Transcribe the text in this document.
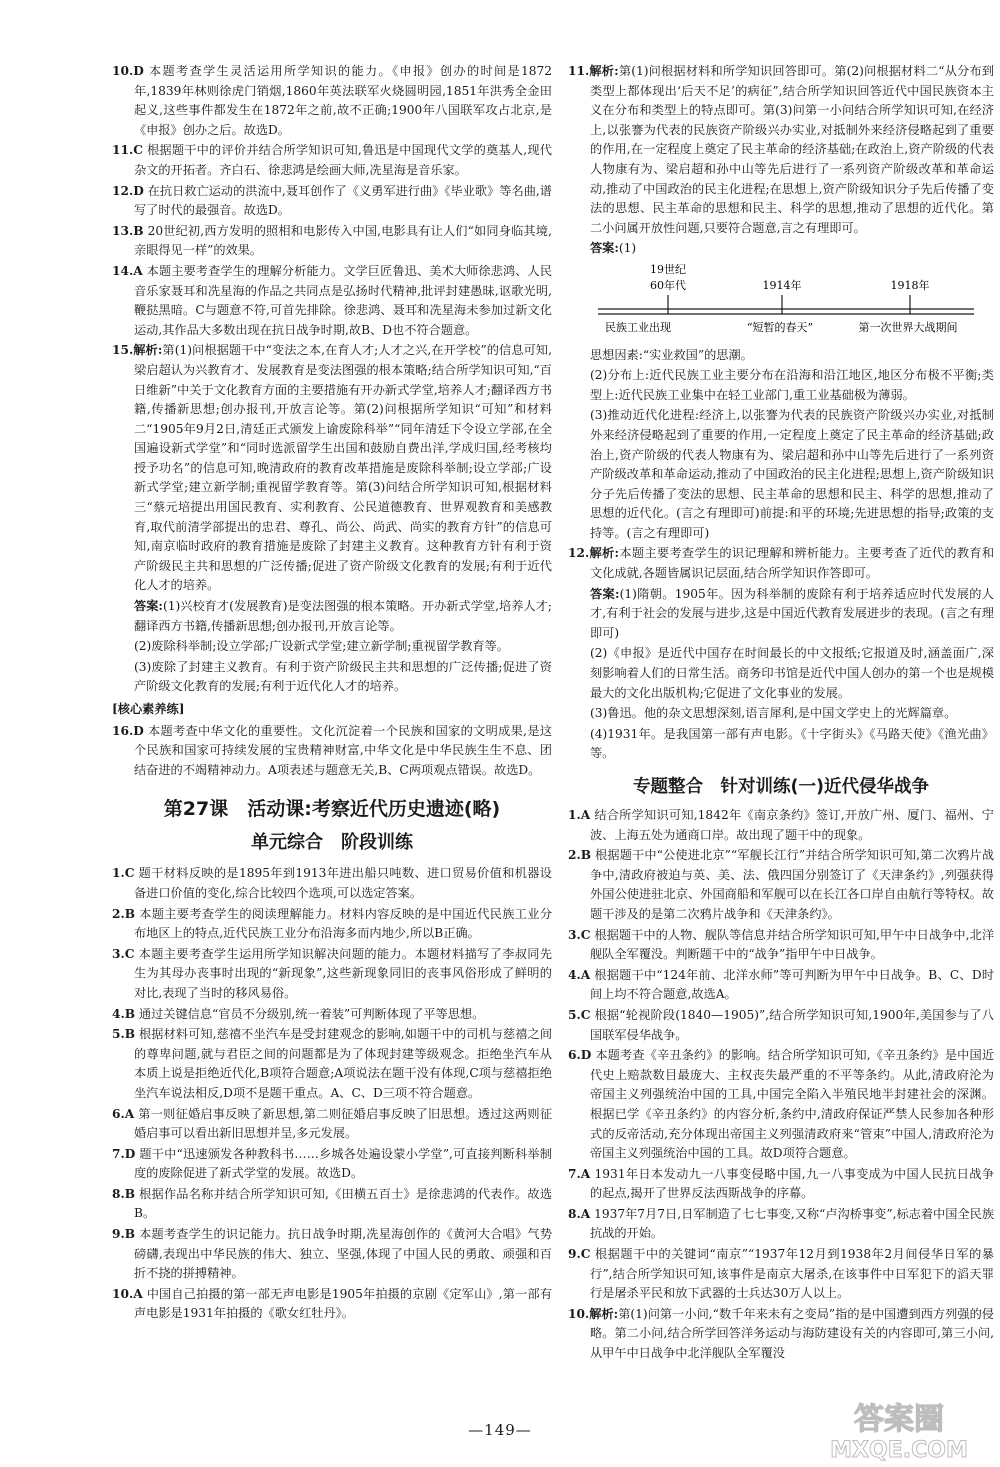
10.D 本题考查学生灵活运用所学知识的能力。《申报》创办的时间是1872年,1839年林则徐虎门销烟,1860年英法联军火烧圆明园,1851年洪秀全金田起义,这些事件都发生在1872年之前,故不正确;1900年八国联军攻占北京,是《申报》创办之后。故选D。

11.C 根据题干中的评价并结合所学知识可知,鲁迅是中国现代文学的奠基人,现代杂文的开拓者。齐白石、徐悲鸿是绘画大师,冼星海是音乐家。

12.D 在抗日救亡运动的洪流中,聂耳创作了《义勇军进行曲》《毕业歌》等名曲,谱写了时代的最强音。故选D。

13.B 20世纪初,西方发明的照相和电影传入中国,电影具有让人们“如同身临其境,亲眼得见一样”的效果。

14.A 本题主要考查学生的理解分析能力。文学巨匠鲁迅、美术大师徐悲鸿、人民音乐家聂耳和冼星海的作品之共同点是弘扬时代精神,批评封建愚昧,讴歌光明,鞭挞黑暗。C与题意不符,可首先排除。徐悲鸿、聂耳和冼星海未参加过新文化运动,其作品大多数出现在抗日战争时期,故B、D也不符合题意。

15.解析:第(1)问根据题干中“变法之本,在育人才;人才之兴,在开学校”的信息可知,梁启超认为兴教育才、发展教育是变法图强的根本策略;结合所学知识可知,“百日维新”中关于文化教育方面的主要措施有开办新式学堂,培养人才;翻译西方书籍,传播新思想;创办报刊,开放言论等。第(2)问根据所学知识“可知”和材料二“1905年9月2日,清廷正式颁发上谕废除科举”“同年清廷下令设立学部,在全国遍设新式学堂”和“同时选派留学生出国和鼓励自费出洋,学成归国,经考核均授予功名”的信息可知,晚清政府的教育改革措施是废除科举制;设立学部;广设新式学堂;建立新学制;重视留学教育等。第(3)问结合所学知识可知,根据材料三“蔡元培提出用国民教育、实利教育、公民道德教育、世界观教育和美感教育,取代前清学部提出的忠君、尊孔、尚公、尚武、尚实的教育方针”的信息可知,南京临时政府的教育措施是废除了封建主义教育。这种教育方针有利于资产阶级民主共和思想的广泛传播;促进了资产阶级文化教育的发展;有利于近代化人才的培养。

答案:(1)兴校育才(发展教育)是变法图强的根本策略。开办新式学堂,培养人才;翻译西方书籍,传播新思想;创办报刊,开放言论等。

(2)废除科举制;设立学部;广设新式学堂;建立新学制;重视留学教育等。

(3)废除了封建主义教育。有利于资产阶级民主共和思想的广泛传播;促进了资产阶级文化教育的发展;有利于近代化人才的培养。

[核心素养练]

16.D 本题考查中华文化的重要性。文化沉淀着一个民族和国家的文明成果,是这个民族和国家可持续发展的宝贵精神财富,中华文化是中华民族生生不息、团结奋进的不竭精神动力。A项表述与题意无关,B、C两项观点错误。故选D。

第27课　活动课:考察近代历史遗迹(略)
单元综合　阶段训练

1.C 题干材料反映的是1895年到1913年进出船只吨数、进口贸易价值和机器设备进口价值的变化,综合比较四个选项,可以选定答案。

2.B 本题主要考查学生的阅读理解能力。材料内容反映的是中国近代民族工业分布地区上的特点,近代民族工业分布沿海多而内地少,所以B正确。

3.C 本题主要考查学生运用所学知识解决问题的能力。本题材料描写了李叔同先生为其母办丧事时出现的“新现象”,这些新现象同旧的丧事风俗形成了鲜明的对比,表现了当时的移风易俗。

4.B 通过关键信息“官员不分级别,统一着装”可判断体现了平等思想。

5.B 根据材料可知,慈禧不坐汽车是受封建观念的影响,如题干中的司机与慈禧之间的尊卑问题,就与君臣之间的问题都是为了体现封建等级观念。拒绝坐汽车从本质上说是拒绝近代化,B项符合题意;A项说法在题干没有体现,C项与慈禧拒绝坐汽车说法相反,D项不是题干重点。A、C、D三项不符合题意。

6.A 第一则征婚启事反映了新思想,第二则征婚启事反映了旧思想。透过这两则征婚启事可以看出新旧思想并呈,多元发展。

7.D 题干中“迅速颁发各种教科书……乡城各处遍设蒙小学堂”,可直接判断科举制度的废除促进了新式学堂的发展。故选D。

8.B 根据作品名称并结合所学知识可知,《田横五百士》是徐悲鸿的代表作。故选B。

9.B 本题考查学生的识记能力。抗日战争时期,冼星海创作的《黄河大合唱》气势磅礴,表现出中华民族的伟大、独立、坚强,体现了中国人民的勇敢、顽强和百折不挠的拼搏精神。

10.A 中国自己拍摄的第一部无声电影是1905年拍摄的京剧《定军山》,第一部有声电影是1931年拍摄的《歌女红牡丹》。

11.解析:第(1)问根据材料和所学知识回答即可。第(2)问根据材料二“从分布到类型上都体现出‘后天不足’的病征”,结合所学知识回答近代中国民族资本主义在分布和类型上的特点即可。第(3)问第一小问结合所学知识可知,在经济上,以张謇为代表的民族资产阶级兴办实业,对抵制外来经济侵略起到了重要的作用,在一定程度上奠定了民主革命的经济基础;在政治上,资产阶级的代表人物康有为、梁启超和孙中山等先后进行了一系列资产阶级改革和革命运动,推动了中国政治的民主化进程;在思想上,资产阶级知识分子先后传播了变法的思想、民主革命的思想和民主、科学的思想,推动了思想的近代化。第二小问属开放性问题,只要符合题意,言之有理即可。

答案:(1)

19世纪
60年代	1914年	1918年
民族工业出现	“短暂的春天”	第一次世界大战期间

思想因素:“实业救国”的思潮。

(2)分布上:近代民族工业主要分布在沿海和沿江地区,地区分布极不平衡;类型上:近代民族工业集中在轻工业部门,重工业基础极为薄弱。

(3)推动近代化进程:经济上,以张謇为代表的民族资产阶级兴办实业,对抵制外来经济侵略起到了重要的作用,一定程度上奠定了民主革命的经济基础;政治上,资产阶级的代表人物康有为、梁启超和孙中山等先后进行了一系列资产阶级改革和革命运动,推动了中国政治的民主化进程;思想上,资产阶级知识分子先后传播了变法的思想、民主革命的思想和民主、科学的思想,推动了思想的近代化。(言之有理即可)前提:和平的环境;先进思想的指导;政策的支持等。(言之有理即可)

12.解析:本题主要考查学生的识记理解和辨析能力。主要考查了近代的教育和文化成就,各题皆属识记层面,结合所学知识作答即可。

答案:(1)隋朝。1905年。因为科举制的废除有利于培养适应时代发展的人才,有利于社会的发展与进步,这是中国近代教育发展进步的表现。(言之有理即可)

(2)《申报》是近代中国存在时间最长的中文报纸;它报道及时,涵盖面广,深刻影响着人们的日常生活。商务印书馆是近代中国人创办的第一个也是规模最大的文化出版机构;它促进了文化事业的发展。

(3)鲁迅。他的杂文思想深刻,语言犀利,是中国文学史上的光辉篇章。

(4)1931年。是我国第一部有声电影。《十字街头》《马路天使》《渔光曲》等。

专题整合　针对训练(一)近代侵华战争

1.A 结合所学知识可知,1842年《南京条约》签订,开放广州、厦门、福州、宁波、上海五处为通商口岸。故出现了题干中的现象。

2.B 根据题干中“公使进北京”“军舰长江行”并结合所学知识可知,第二次鸦片战争中,清政府被迫与英、美、法、俄四国分别签订了《天津条约》,列强获得外国公使进驻北京、外国商船和军舰可以在长江各口岸自由航行等特权。故题干涉及的是第二次鸦片战争和《天津条约》。

3.C 根据题干中的人物、舰队等信息并结合所学知识可知,甲午中日战争中,北洋舰队全军覆没。判断题干中的“战争”指甲午中日战争。

4.A 根据题干中“124年前、北洋水师”等可判断为甲午中日战争。B、C、D时间上均不符合题意,故选A。

5.C 根据“轮视阶段(1840—1905)”,结合所学知识可知,1900年,美国参与了八国联军侵华战争。

6.D 本题考查《辛丑条约》的影响。结合所学知识可知,《辛丑条约》是中国近代史上赔款数目最庞大、主权丧失最严重的不平等条约。从此,清政府沦为帝国主义列强统治中国的工具,中国完全陷入半殖民地半封建社会的深渊。根据已学《辛丑条约》的内容分析,条约中,清政府保证严禁人民参加各种形式的反帝活动,充分体现出帝国主义列强清政府来“管束”中国人,清政府沦为帝国主义列强统治中国的工具。故D项符合题意。

7.A 1931年日本发动九一八事变侵略中国,九一八事变成为中国人民抗日战争的起点,揭开了世界反法西斯战争的序幕。

8.A 1937年7月7日,日军制造了七七事变,又称“卢沟桥事变”,标志着中国全民族抗战的开始。

9.C 根据题干中的关键词“南京”“1937年12月到1938年2月间侵华日军的暴行”,结合所学知识可知,该事件是南京大屠杀,在该事件中日军犯下的滔天罪行是屠杀平民和放下武器的士兵达30万人以上。

10.解析:第(1)问第一小问,“数千年来未有之变局”指的是中国遭到西方列强的侵略。第二小问,结合所学回答洋务运动与海防建设有关的内容即可,第三小问,从甲午中日战争中北洋舰队全军覆没

—149—	答案圈
MXQE.COM
